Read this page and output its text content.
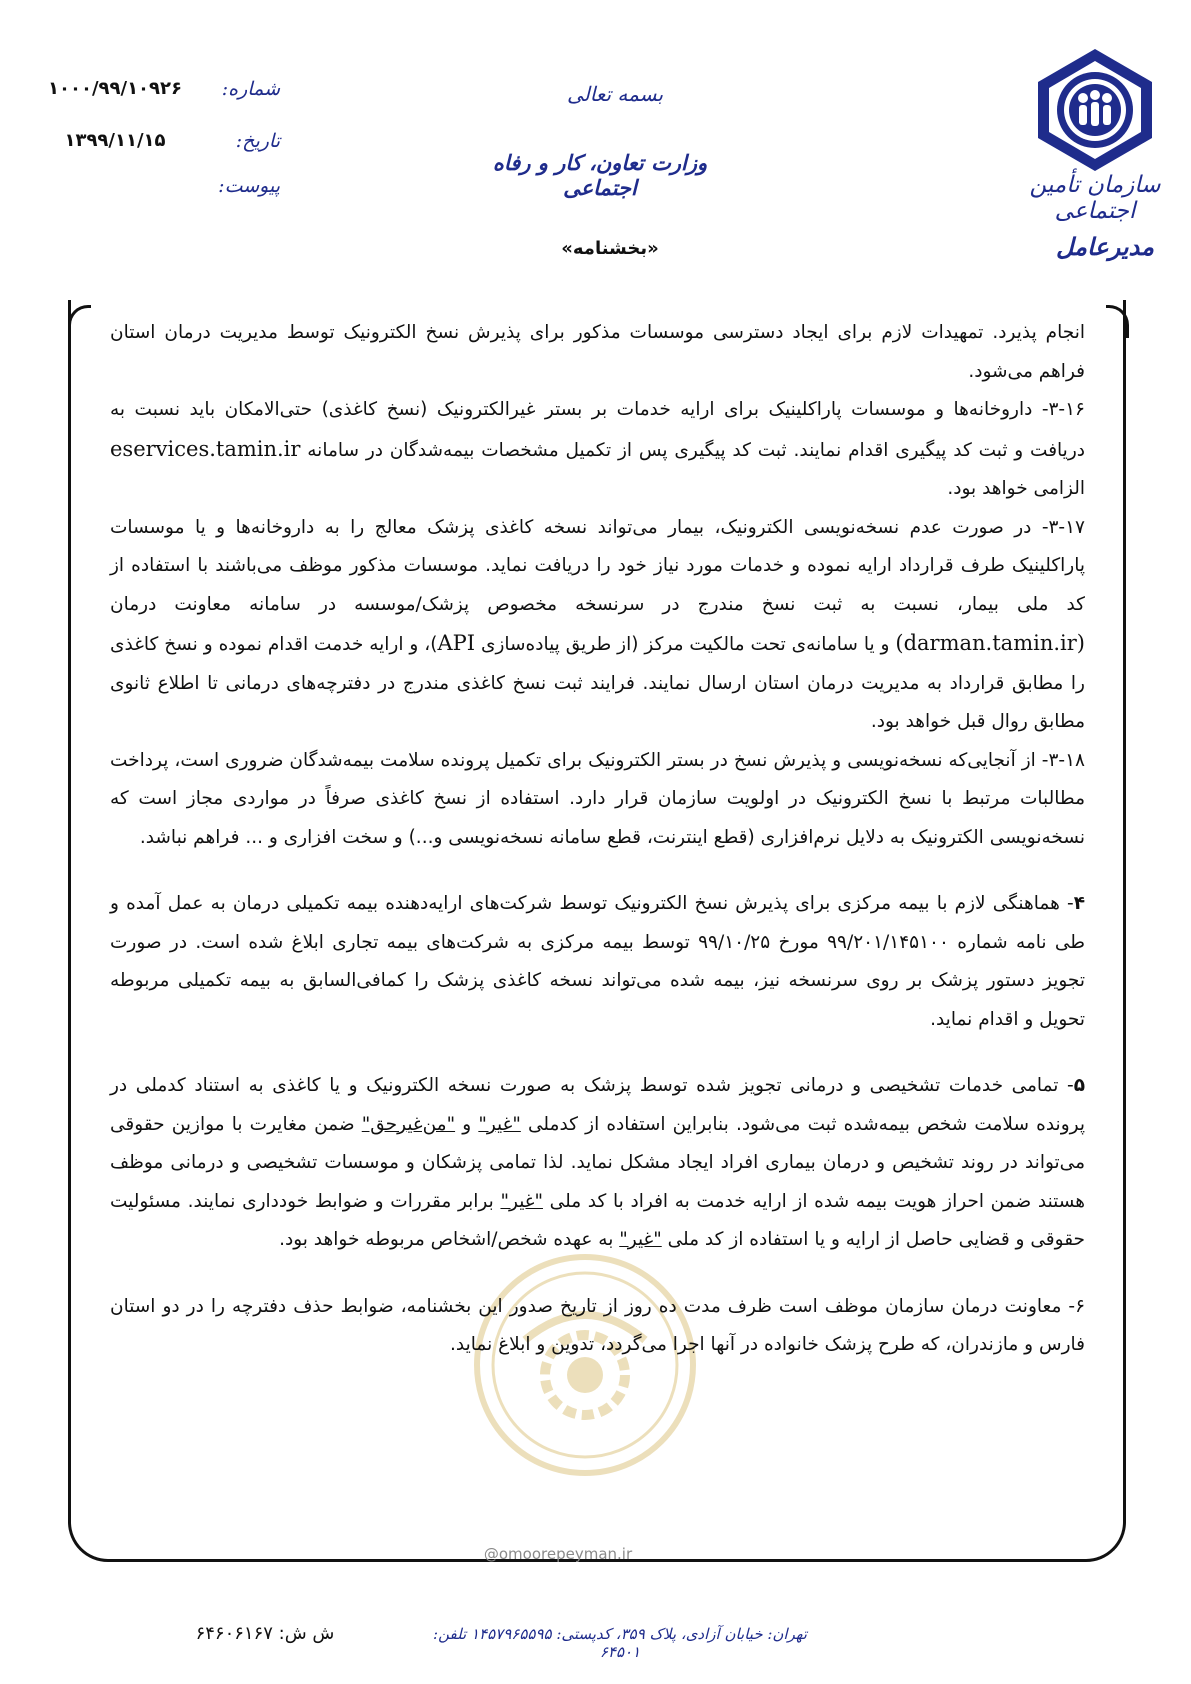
سازمان تأمین اجتماعی
مدیرعامل
بسمه تعالی
وزارت تعاون، کار و رفاه اجتماعی
«بخشنامه»
شماره:
۱۰۰۰/۹۹/۱۰۹۲۶
تاریخ:
۱۳۹۹/۱۱/۱۵
پیوست:
@omoorepeyman.ir

انجام پذیرد. تمهیدات لازم برای ایجاد دسترسی موسسات مذکور برای پذیرش نسخ الکترونیک توسط مدیریت درمان استان فراهم می‌شود.

۳-۱۶- داروخانه‌ها و موسسات پاراکلینیک برای ارایه خدمات بر بستر غیرالکترونیک (نسخ کاغذی) حتی‌الامکان باید نسبت به دریافت و ثبت کد پیگیری اقدام نمایند. ثبت کد پیگیری پس از تکمیل مشخصات بیمه‌شدگان در سامانه eservices.tamin.ir الزامی خواهد بود.

۳-۱۷- در صورت عدم نسخه‌نویسی الکترونیک، بیمار می‌تواند نسخه کاغذی پزشک معالج را به داروخانه‌ها و یا موسسات پاراکلینیک طرف قرارداد ارایه نموده و خدمات مورد نیاز خود را دریافت نماید. موسسات مذکور موظف می‌باشند با استفاده از کد ملی بیمار، نسبت به ثبت نسخ مندرج در سرنسخه مخصوص پزشک/موسسه در سامانه معاونت درمان (darman.tamin.ir) و یا سامانه‌ی تحت مالکیت مرکز (از طریق پیاده‌سازی API)، و ارایه خدمت اقدام نموده و نسخ کاغذی را مطابق قرارداد به مدیریت درمان استان ارسال نمایند. فرایند ثبت نسخ کاغذی مندرج در دفترچه‌های درمانی تا اطلاع ثانوی مطابق روال قبل خواهد بود.

۳-۱۸- از آنجایی‌که نسخه‌نویسی و پذیرش نسخ در بستر الکترونیک برای تکمیل پرونده سلامت بیمه‌شدگان ضروری است، پرداخت مطالبات مرتبط با نسخ الکترونیک در اولویت سازمان قرار دارد. استفاده از نسخ کاغذی صرفاً در مواردی مجاز است که نسخه‌نویسی الکترونیک به دلایل نرم‌افزاری (قطع اینترنت، قطع سامانه نسخه‌نویسی و...) و سخت افزاری و ... فراهم نباشد.

۴- هماهنگی لازم با بیمه مرکزی برای پذیرش نسخ الکترونیک توسط شرکت‌های ارایه‌دهنده بیمه تکمیلی درمان به عمل آمده و طی نامه شماره ۹۹/۲۰۱/۱۴۵۱۰۰ مورخ ۹۹/۱۰/۲۵ توسط بیمه مرکزی به شرکت‌های بیمه تجاری ابلاغ شده است. در صورت تجویز دستور پزشک بر روی سرنسخه نیز، بیمه شده می‌تواند نسخه کاغذی پزشک را کمافی‌السابق به بیمه تکمیلی مربوطه تحویل و اقدام نماید.

۵- تمامی خدمات تشخیصی و درمانی تجویز شده توسط پزشک به صورت نسخه الکترونیک و یا کاغذی به استناد کدملی در پرونده سلامت شخص بیمه‌شده ثبت می‌شود. بنابراین استفاده از کدملی "غیر" و "من‌غیرحق" ضمن مغایرت با موازین حقوقی می‌تواند در روند تشخیص و درمان بیماری افراد ایجاد مشکل نماید. لذا تمامی پزشکان و موسسات تشخیصی و درمانی موظف هستند ضمن احراز هویت بیمه شده از ارایه خدمت به افراد با کد ملی "غیر" برابر مقررات و ضوابط خودداری نمایند. مسئولیت حقوقی و قضایی حاصل از ارایه و یا استفاده از کد ملی "غیر" به عهده شخص/اشخاص مربوطه خواهد بود.

۶- معاونت درمان سازمان موظف است ظرف مدت ده روز از تاریخ صدور این بخشنامه، ضوابط حذف دفترچه را در دو استان فارس و مازندران، که طرح پزشک خانواده در آنها اجرا می‌گردد، تدوین و ابلاغ نماید.

تهران: خیابان آزادی، پلاک ۳۵۹، کدپستی: ۱۴۵۷۹۶۵۵۹۵ تلفن: ۶۴۵۰۱
ش ش: ۶۴۶۰۶۱۶۷
